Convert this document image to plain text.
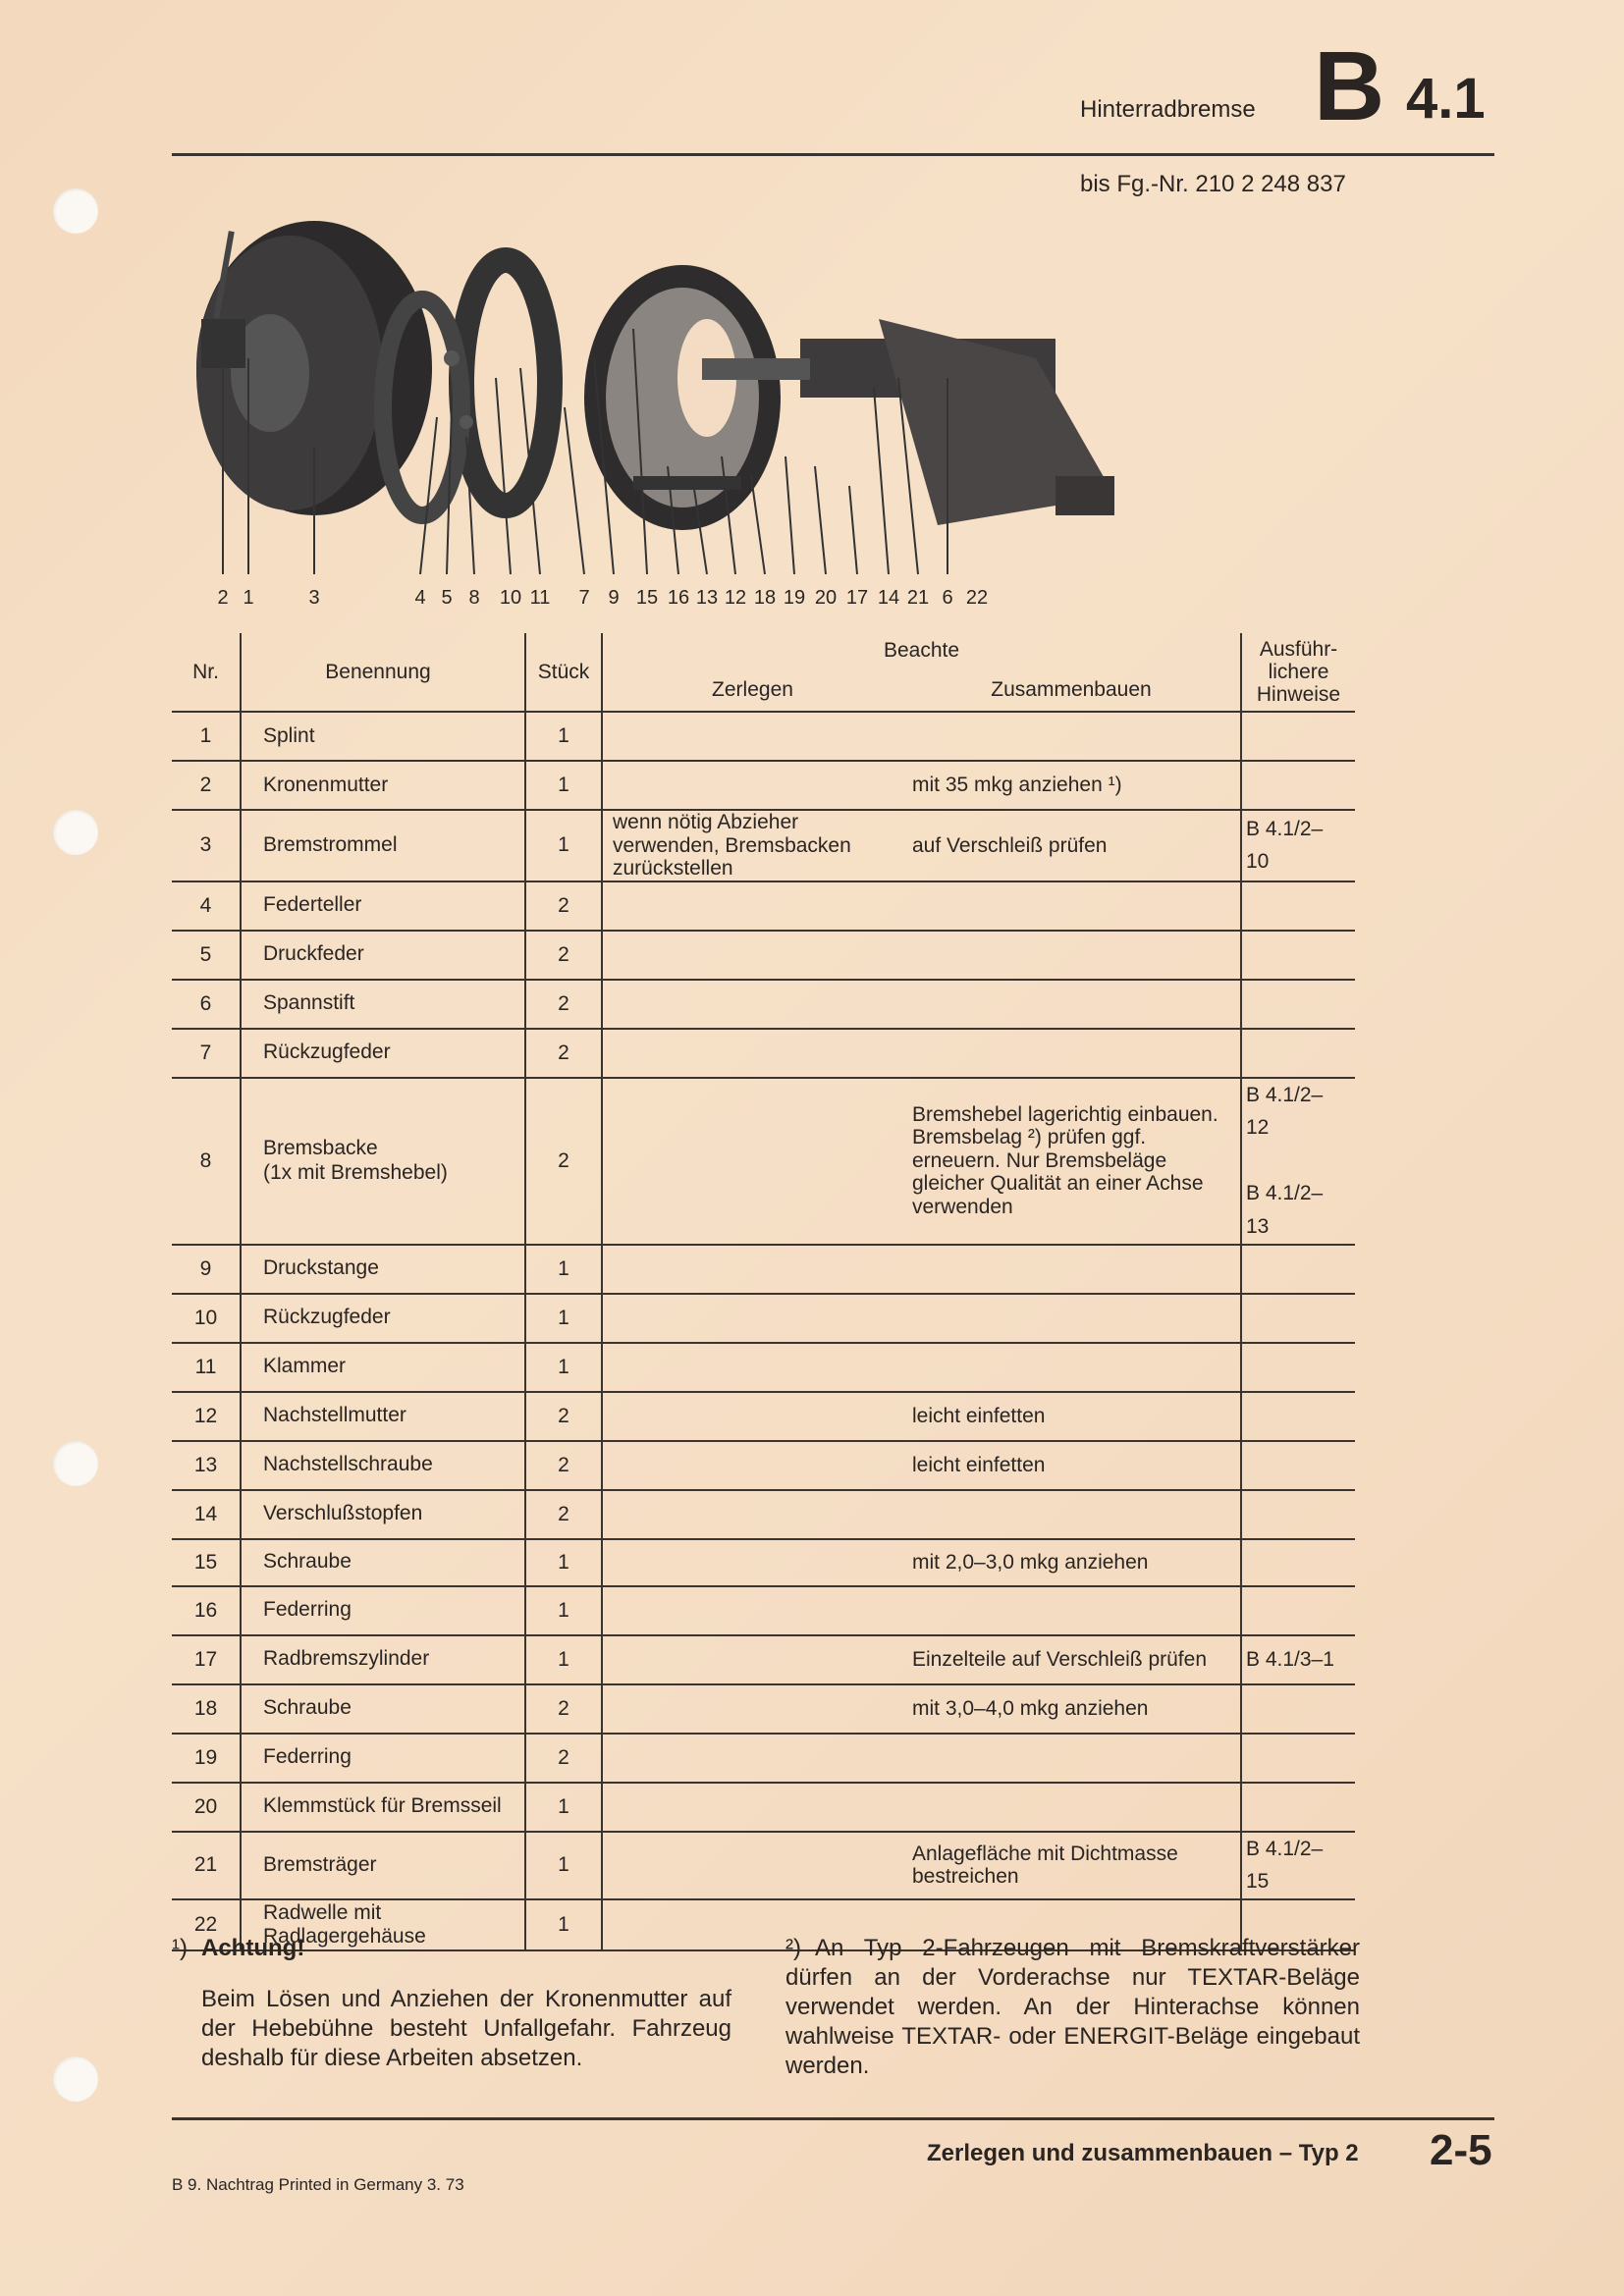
Hinterradbremse B 4.1
bis Fg.-Nr. 210 2 248 837
2 1	3	4 5 8 10 11 7 9 15 16 13 12 18 19 20 17 14 21 6 22
Nr.	Benennung	Stück	Beachte		Ausführ-
lichere
Hinweise
			Zerlegen	Zusammenbauen	
1	Splint	1			
2	Kronenmutter	1		mit 35 mkg anziehen ¹)	
3	Bremstrommel	1	wenn nötig Abzieher verwenden, Bremsbacken zurückstellen	auf Verschleiß prüfen	B 4.1/2–10
4	Federteller	2			
5	Druckfeder	2			
6	Spannstift	2			
7	Rückzugfeder	2			
8	Bremsbacke
(1x mit Bremshebel)	2		Bremshebel lagerichtig einbauen. Bremsbelag ²) prüfen ggf. erneuern. Nur Bremsbeläge gleicher Qualität an einer Achse verwenden	B 4.1/2–12

B 4.1/2–13
9	Druckstange	1			
10	Rückzugfeder	1			
11	Klammer	1			
12	Nachstellmutter	2		leicht einfetten	
13	Nachstellschraube	2		leicht einfetten	
14	Verschlußstopfen	2			
15	Schraube	1		mit 2,0–3,0 mkg anziehen	
16	Federring	1			
17	Radbremszylinder	1		Einzelteile auf Verschleiß prüfen	B 4.1/3–1
18	Schraube	2		mit 3,0–4,0 mkg anziehen	
19	Federring	2			
20	Klemmstück für Bremsseil	1			
21	Bremsträger	1		Anlagefläche mit Dichtmasse bestreichen	B 4.1/2–15
22	Radwelle mit
Radlagergehäuse	1			
¹) Achtung!

Beim Lösen und Anziehen der Kronenmutter auf der Hebebühne besteht Unfallgefahr. Fahrzeug deshalb für diese Arbeiten absetzen.

²) An Typ 2-Fahrzeugen mit Bremskraftverstärker dürfen an der Vorderachse nur TEXTAR-Beläge verwendet werden. An der Hinterachse können wahlweise TEXTAR- oder ENERGIT-Beläge eingebaut werden.
Zerlegen und zusammenbauen – Typ 2 2-5
B 9. Nachtrag Printed in Germany 3. 73
